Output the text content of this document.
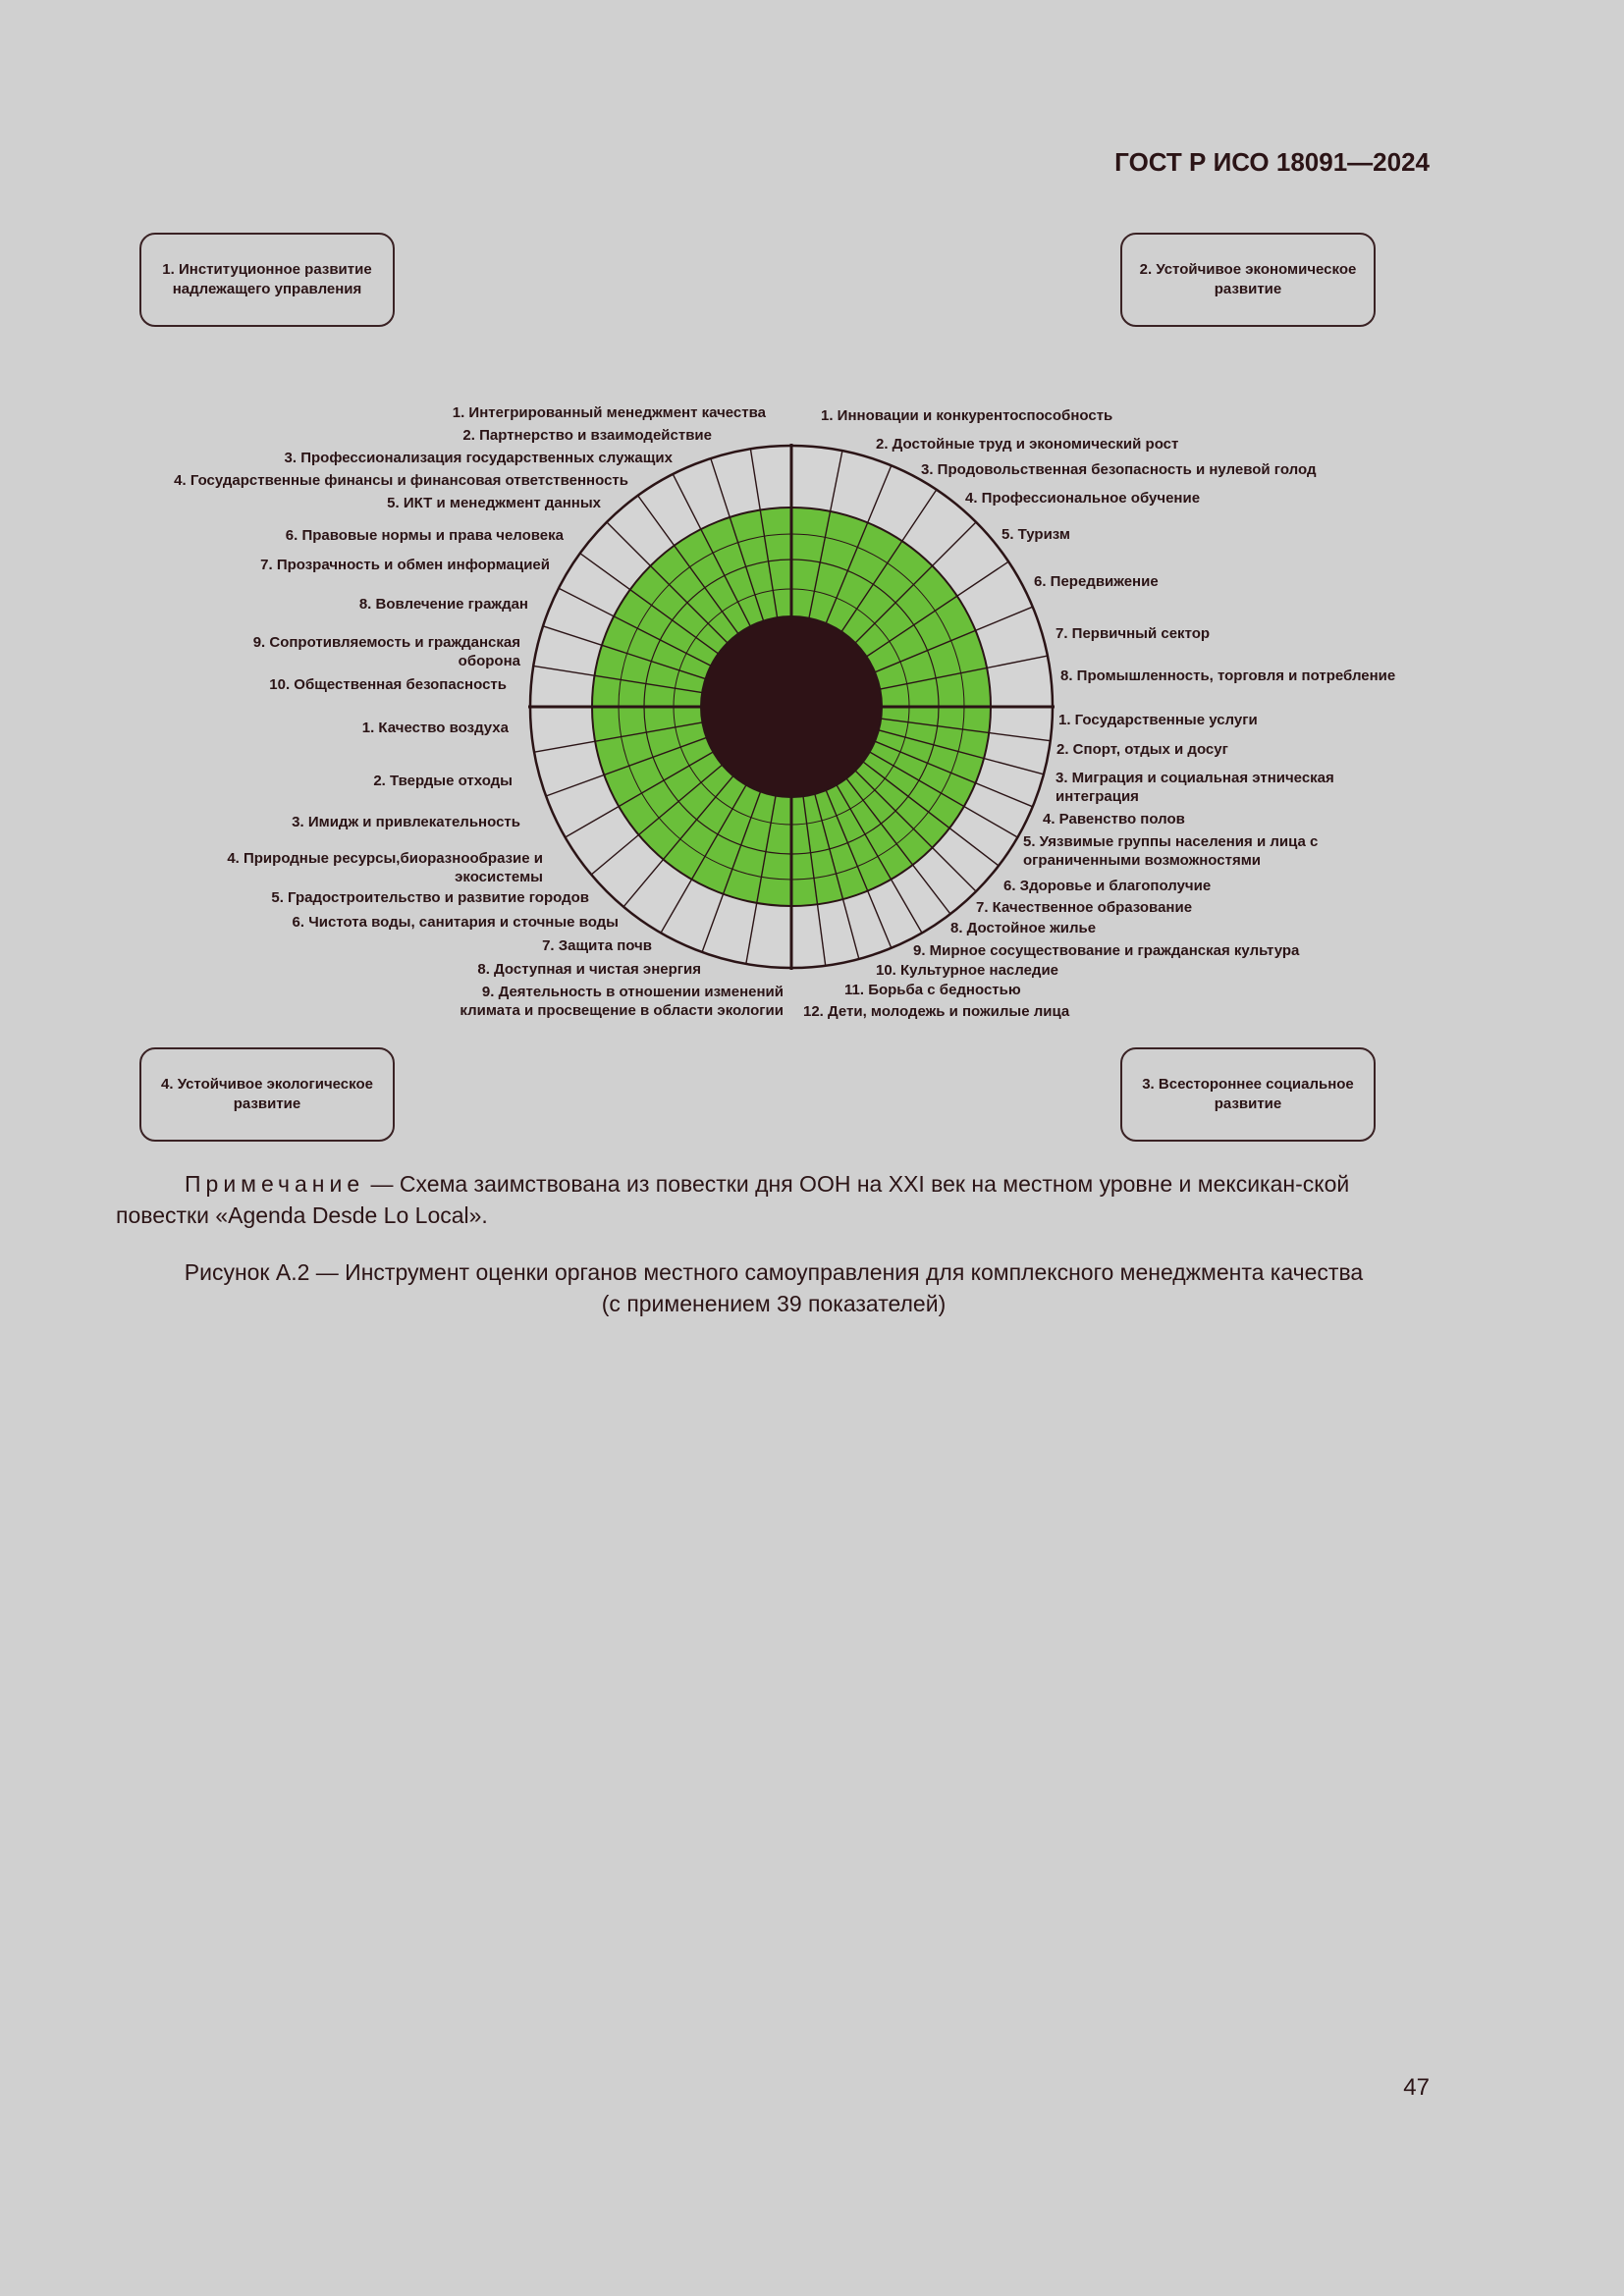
ГОСТ Р ИСО 18091—2024
1. Институционное развитие надлежащего управления
2. Устойчивое экономическое развитие
4. Устойчивое экологическое развитие
3. Всестороннее социальное развитие
1. Интегрированный менеджмент качества
2. Партнерство и взаимодействие
3. Профессионализация государственных служащих
4. Государственные финансы и финансовая ответственность
5. ИКТ и менеджмент данных
6. Правовые нормы и права человека
7. Прозрачность и обмен информацией
8. Вовлечение граждан
9. Сопротивляемость и гражданская оборона
10. Общественная безопасность
1. Инновации и конкурентоспособность
2. Достойные труд и экономический рост
3. Продовольственная безопасность и нулевой голод
4. Профессиональное обучение
5. Туризм
6. Передвижение
7. Первичный сектор
8. Промышленность, торговля и потребление
1. Качество воздуха
2. Твердые отходы
3. Имидж и привлекательность
4. Природные ресурсы,биоразнообразие и экосистемы
5. Градостроительство и развитие городов
6. Чистота воды, санитария и сточные воды
7. Защита почв
8. Доступная и чистая энергия
9. Деятельность в отношении изменений климата и просвещение в области экологии
1. Государственные услуги
2. Спорт, отдых и досуг
3. Миграция и социальная этническая интеграция
4. Равенство полов
5. Уязвимые группы населения и лица с ограниченными возможностями
6. Здоровье и благополучие
7. Качественное образование
8. Достойное жилье
9. Мирное сосуществование и гражданская культура
10. Культурное наследие
11. Борьба с бедностью
12. Дети, молодежь и пожилые лица
Примечание — Схема заимствована из повестки дня ООН на XXI век на местном уровне и мексикан-ской повестки «Agenda Desde Lo Local».
Рисунок А.2 — Инструмент оценки органов местного самоуправления для комплексного менеджмента качества
(с применением 39 показателей)
47
